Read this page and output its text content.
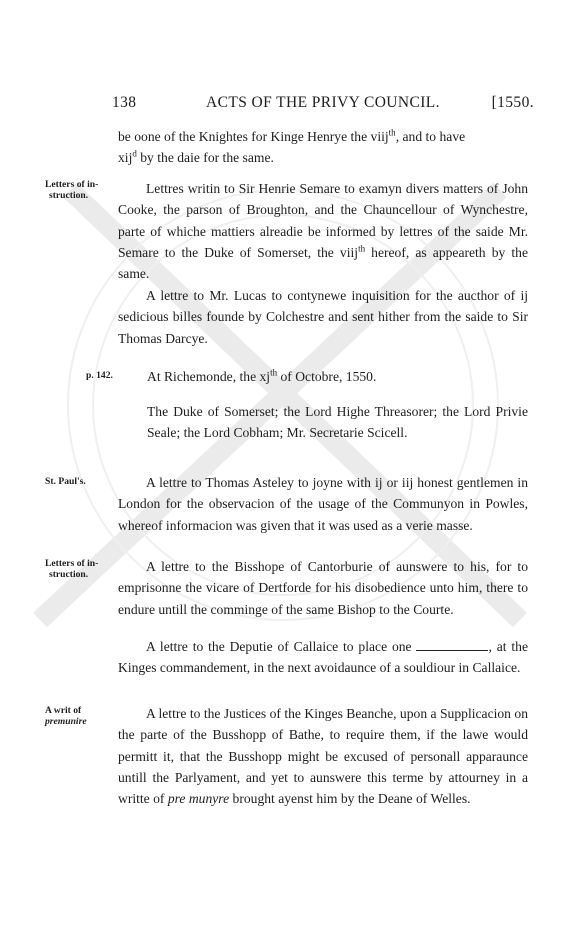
138	ACTS OF THE PRIVY COUNCIL.	[1550.

be oone of the Knightes for Kinge Henrye the viij$^{th}$, and to have
xij$^d$ by the daie for the same.

Letters of in-
struction.	Lettres writin to Sir Henrie Semare to examyn divers matters of John Cooke, the parson of Broughton, and the Chauncellour of Wynchestre, parte of whiche mattiers alreadie be informed by lettres of the saide Mr. Semare to the Duke of Somerset, the viij$^{th}$ hereof, as appeareth by the same.

A lettre to Mr. Lucas to contynewe inquisition for the aucthor of ij sedicious billes founde by Colchestre and sent hither from the saide to Sir Thomas Darcye.

p. 142.	At Richemonde, the $xj^{th}$ of Octobre, 1550.
The Duke of Somerset; the Lord Highe Threasorer; the Lord Privie Seale; the Lord Cobham; Mr. Secretarie Scicell.
St. Paul's.	A lettre to Thomas Asteley to joyne with ij or iij honest gentlemen in London for the observacion of the usage of the Communyon in Powles, whereof informacion was given that it was used as a verie masse.

Letters of in-
struction.	A lettre to the Bisshope of Cantorburie of aunswere to his, for to emprisonne the vicare of Dertforde for his disobedience unto him, there to endure untill the comminge of the same Bishop to the Courte.

A lettre to the Deputie of Callaice to place one	, at the Kinges commandement, in the next avoidaunce of a souldiour in Callaice.

A writ of
premunire	A lettre to the Justices of the Kinges Beanche, upon a Supplicacion on the parte of the Busshopp of Bathe, to require them, if the lawe would permitt it, that the Busshopp might be excused of personall apparaunce untill the Parlyament, and yet to aunswere this terme by attourney in a writte of pre munyre brought ayenst him by the Deane of Welles.
